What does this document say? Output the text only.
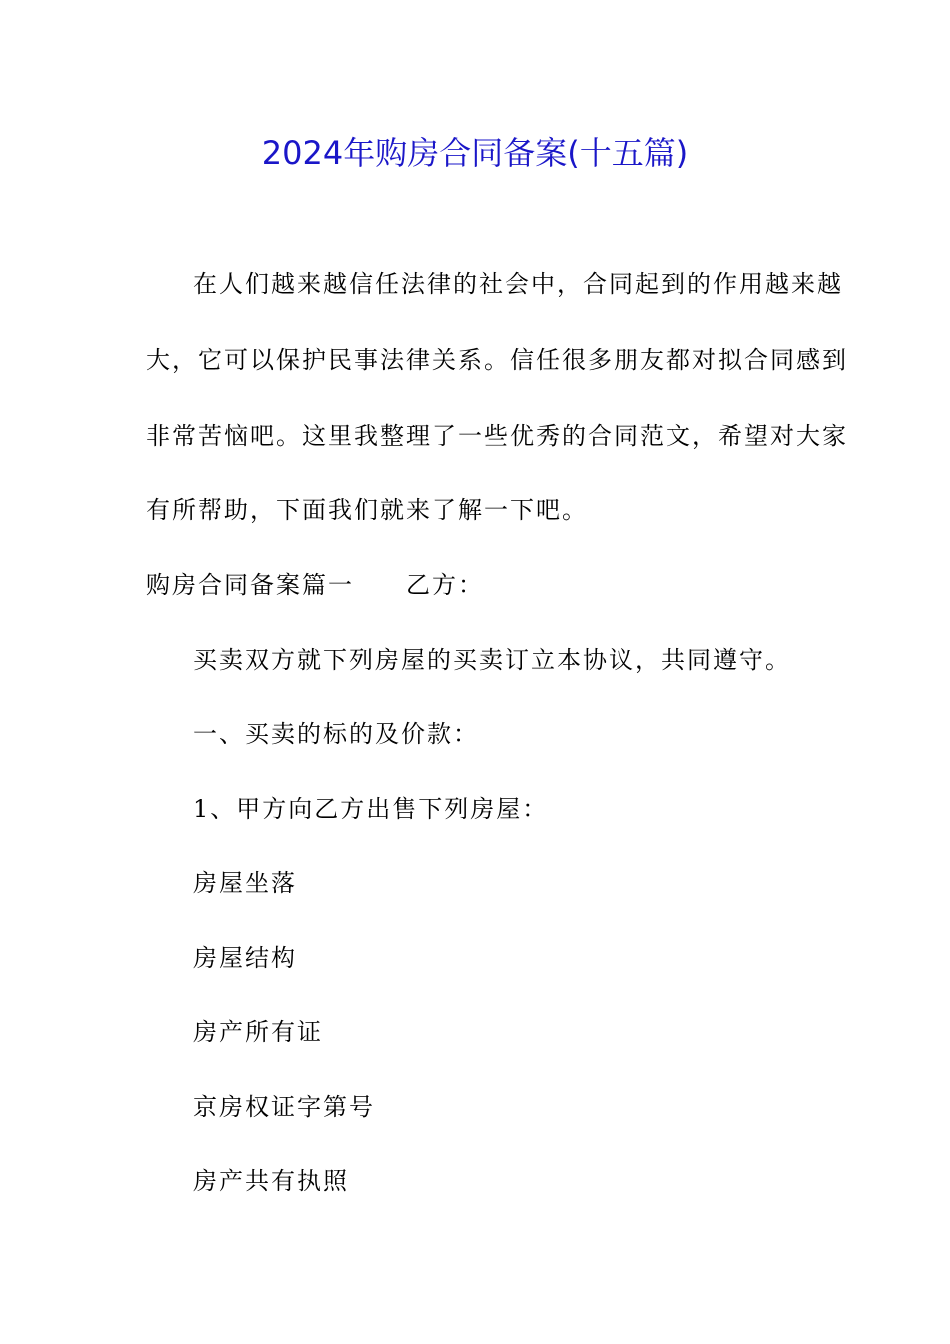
2024年购房合同备案(十五篇)
在人们越来越信任法律的社会中，合同起到的作用越来越
大，它可以保护民事法律关系。信任很多朋友都对拟合同感到
非常苦恼吧。这里我整理了一些优秀的合同范文，希望对大家
有所帮助，下面我们就来了解一下吧。
购房合同备案篇一 乙方：
买卖双方就下列房屋的买卖订立本协议，共同遵守。
一、买卖的标的及价款：
1、甲方向乙方出售下列房屋：
房屋坐落
房屋结构
房产所有证
京房权证字第号
房产共有执照
